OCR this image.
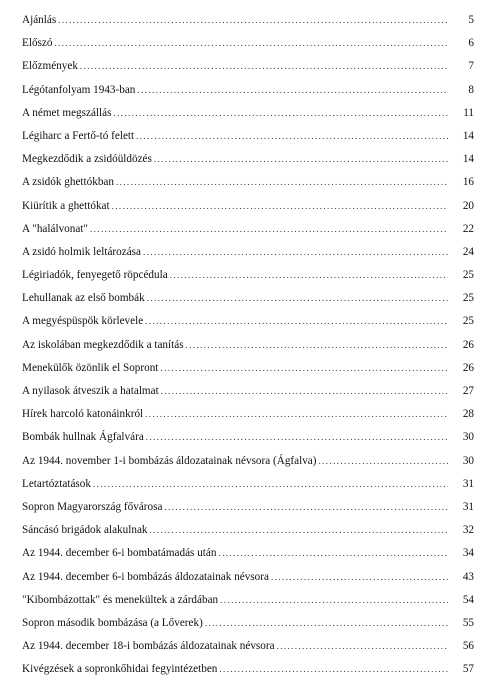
Ajánlás .....	5
Előszó .....	6
Előzmények .....	7
Légótanfolyam 1943-ban .....	8
A német megszállás .....	11
Légiharc a Fertő-tó felett .....	14
Megkezdődik a zsidóüldözés .....	14
A zsidók ghettókban .....	16
Kiürítik a ghettókat .....	20
A "halálvonat" .....	22
A zsidó holmik leltározása .....	24
Légiriadók, fenyegető röpcédula .....	25
Lehullanak az első bombák .....	25
A megyéspüspök körlevele .....	25
Az iskolában megkezdődik a tanítás .....	26
Menekülők özönlik el Sopront .....	26
A nyilasok átveszik a hatalmat .....	27
Hírek harcoló katonáinkról .....	28
Bombák hullnak Ágfalvára .....	30
Az 1944. november 1-i bombázás áldozatainak névsora (Ágfalva) .....	30
Letartóztatások .....	31
Sopron Magyarország fővárosa .....	31
Sáncásó brigádok alakulnak .....	32
Az 1944. december 6-i bombatámadás után .....	34
Az 1944. december 6-i bombázás áldozatainak névsora .....	43
"Kibombázottak" és menekültek a zárdában .....	54
Sopron második bombázása (a Lőverek) .....	55
Az 1944. december 18-i bombázás áldozatainak névsora .....	56
Kivégzések a sopronkőhidai fegyintézetben .....	57
